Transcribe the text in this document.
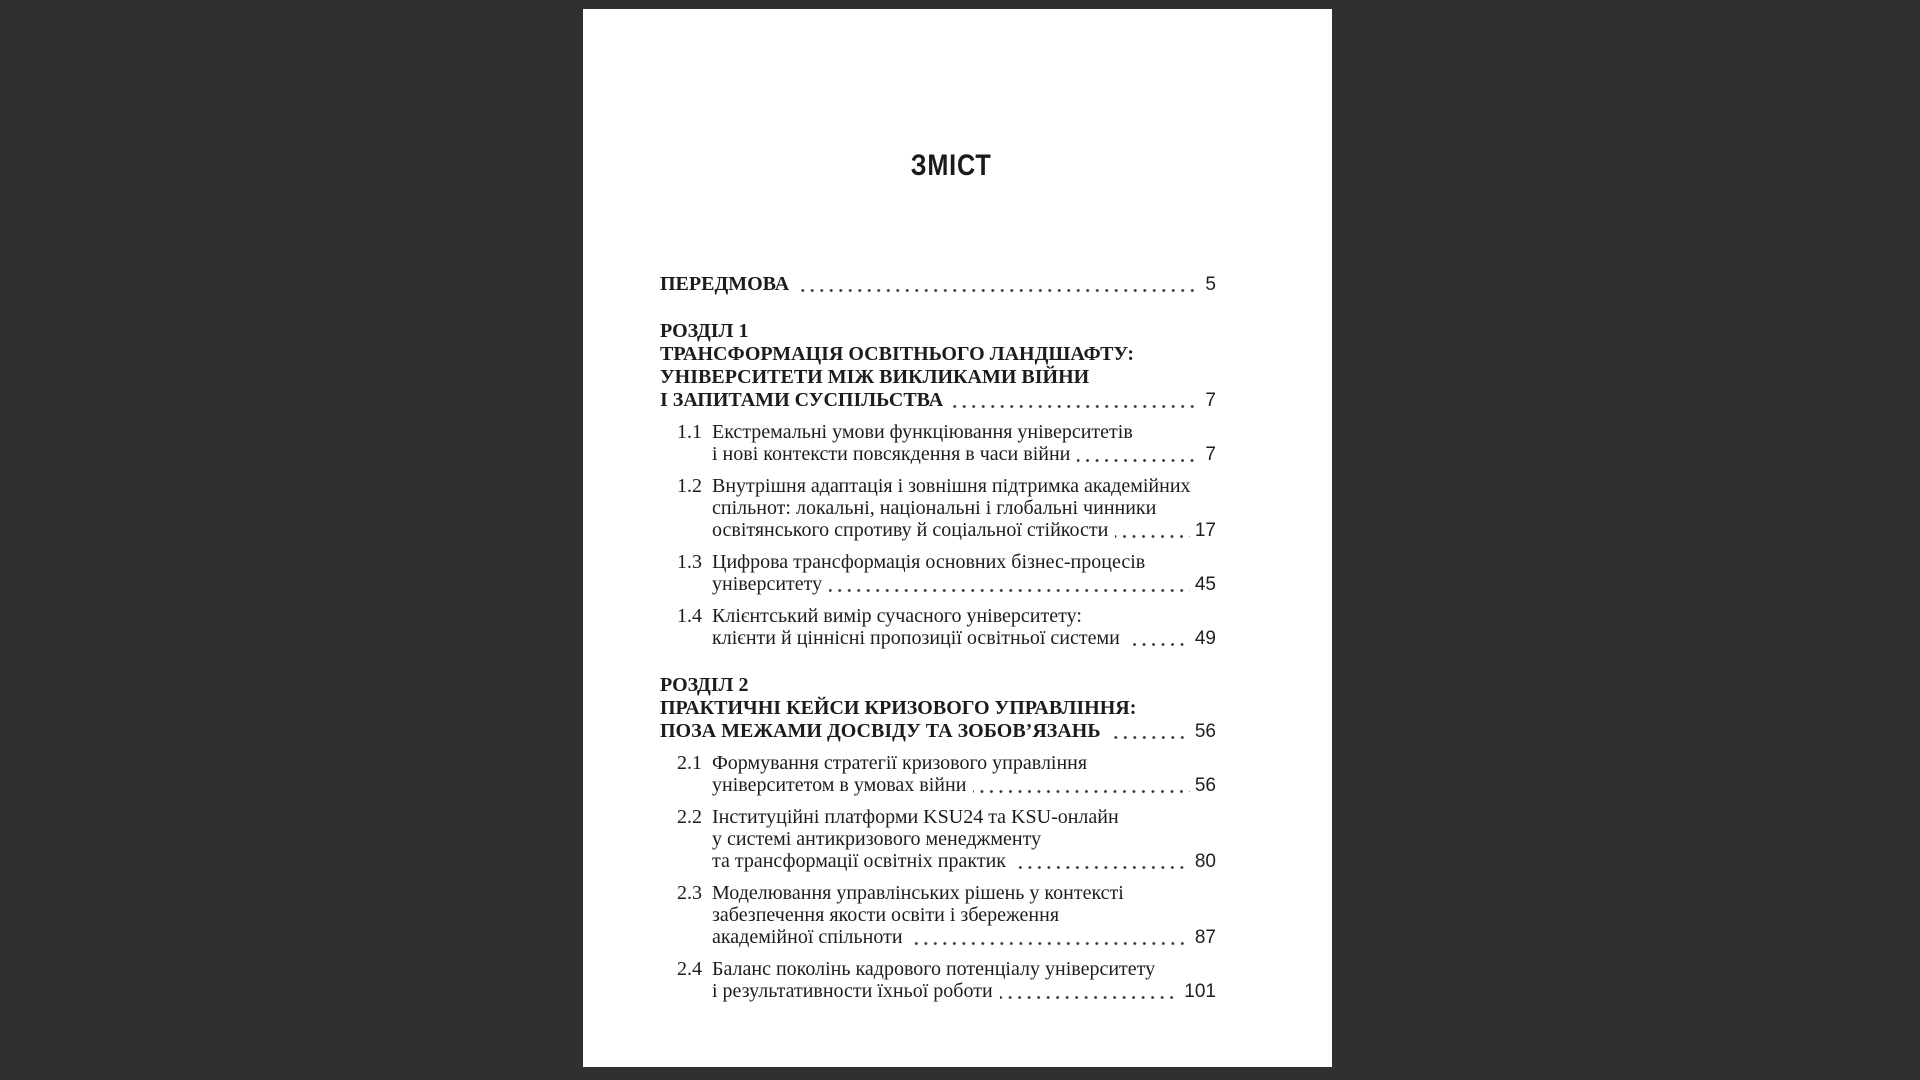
ЗМІСТ
ПЕРЕДМОВА	5
РОЗДІЛ 1
ТРАНСФОРМАЦІЯ ОСВІТНЬОГО ЛАНДШАФТУ:
УНІВЕРСИТЕТИ МІЖ ВИКЛИКАМИ ВІЙНИ
І ЗАПИТАМИ СУСПІЛЬСТВА	7
1.1 Екстремальні умови функціювання університетів
і нові контексти повсякдення в часи війни	7
1.2 Внутрішня адаптація і зовнішня підтримка академійних
спільнот: локальні, національні і глобальні чинники
освітянського спротиву й соціальної стійкости	17
1.3 Цифрова трансформація основних бізнес-процесів
університету	45
1.4 Клієнтський вимір сучасного університету:
клієнти й ціннісні пропозиції освітньої системи	49
РОЗДІЛ 2
ПРАКТИЧНІ КЕЙСИ КРИЗОВОГО УПРАВЛІННЯ:
ПОЗА МЕЖАМИ ДОСВІДУ ТА ЗОБОВ’ЯЗАНЬ	56
2.1 Формування стратегії кризового управління
університетом в умовах війни	56
2.2 Інституційні платформи KSU24 та KSU-онлайн
у системі антикризового менеджменту
та трансформації освітніх практик	80
2.3 Моделювання управлінських рішень у контексті
забезпечення якости освіти і збереження
академійної спільноти	87
2.4 Баланс поколінь кадрового потенціалу університету
і результативности їхньої роботи	101
